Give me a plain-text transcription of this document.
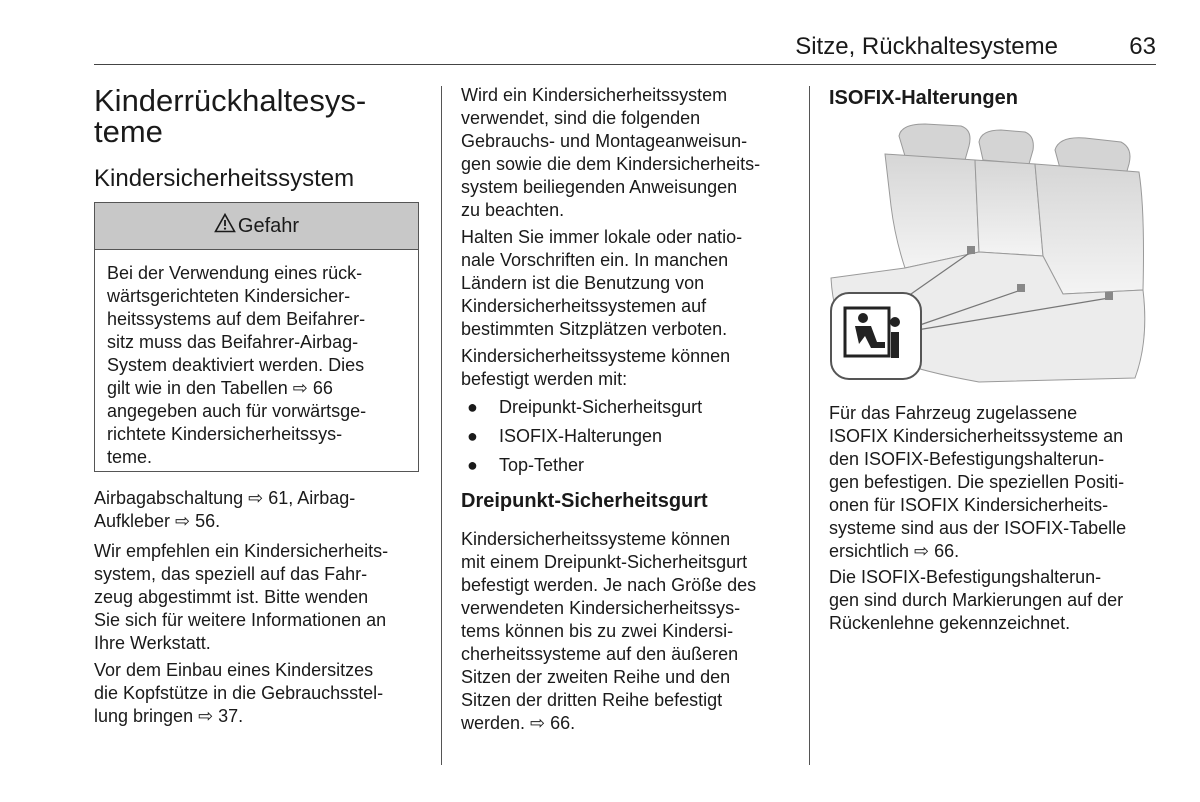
Sitze, Rückhaltesysteme	63
Kinderrückhaltesys-
teme
Kindersicherheitssystem
Gefahr
Bei der Verwendung eines rück-
wärtsgerichteten Kindersicher-
heitssystems auf dem Beifahrer-
sitz muss das Beifahrer-Airbag-
System deaktiviert werden. Dies
gilt wie in den Tabellen ⇨ 66
angegeben auch für vorwärtsge-
richtete Kindersicherheitssys-
teme.
Airbagabschaltung ⇨ 61, Airbag-
Aufkleber ⇨ 56.
Wir empfehlen ein Kindersicherheits-
system, das speziell auf das Fahr-
zeug abgestimmt ist. Bitte wenden
Sie sich für weitere Informationen an
Ihre Werkstatt.
Vor dem Einbau eines Kindersitzes
die Kopfstütze in die Gebrauchsstel-
lung bringen ⇨ 37.
Wird ein Kindersicherheitssystem
verwendet, sind die folgenden
Gebrauchs- und Montageanweisun-
gen sowie die dem Kindersicherheits-
system beiliegenden Anweisungen
zu beachten.
Halten Sie immer lokale oder natio-
nale Vorschriften ein. In manchen
Ländern ist die Benutzung von
Kindersicherheitssystemen auf
bestimmten Sitzplätzen verboten.
Kindersicherheitssysteme können
befestigt werden mit:
● Dreipunkt-Sicherheitsgurt
● ISOFIX-Halterungen
● Top-Tether
Dreipunkt-Sicherheitsgurt
Kindersicherheitssysteme können
mit einem Dreipunkt-Sicherheitsgurt
befestigt werden. Je nach Größe des
verwendeten Kindersicherheitssys-
tems können bis zu zwei Kindersi-
cherheitssysteme auf den äußeren
Sitzen der zweiten Reihe und den
Sitzen der dritten Reihe befestigt
werden. ⇨ 66.
ISOFIX-Halterungen
Für das Fahrzeug zugelassene
ISOFIX Kindersicherheitssysteme an
den ISOFIX-Befestigungshalterun-
gen befestigen. Die speziellen Positi-
onen für ISOFIX Kindersicherheits-
systeme sind aus der ISOFIX-Tabelle
ersichtlich ⇨ 66.
Die ISOFIX-Befestigungshalterun-
gen sind durch Markierungen auf der
Rückenlehne gekennzeichnet.
